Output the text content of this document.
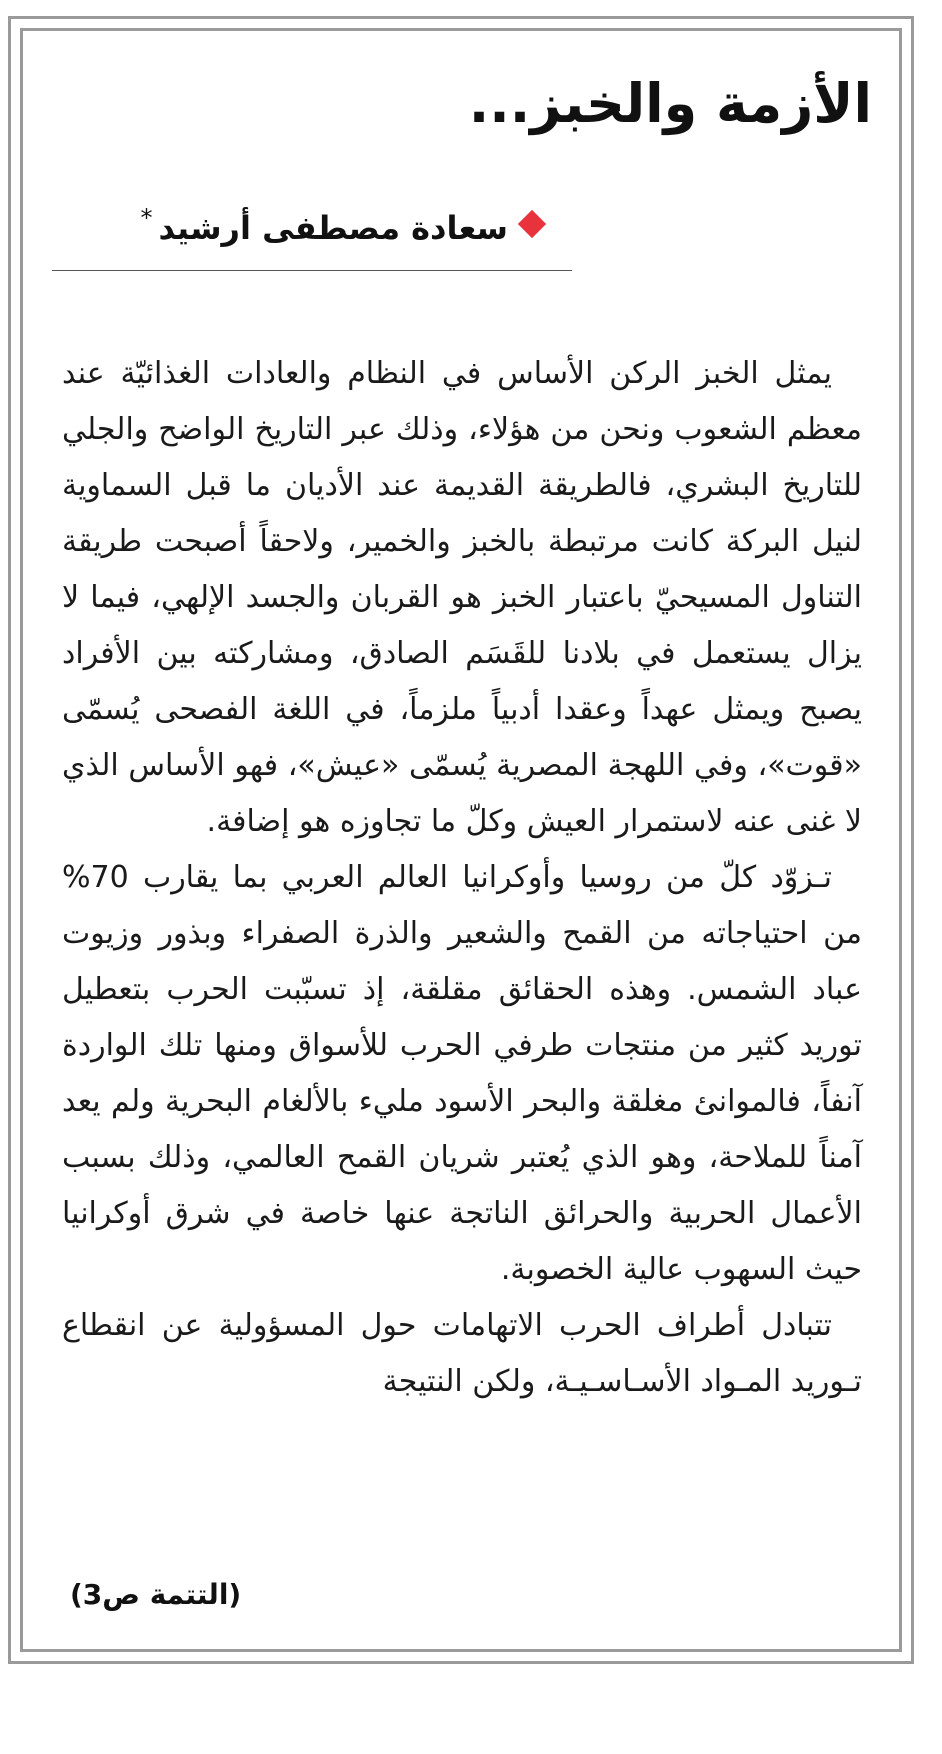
الأزمة والخبز...
سعادة مصطفى أرشيد*

يمثل الخبز الركن الأساس في النظام والعادات الغذائيّة عند معظم الشعوب ونحن من هؤلاء، وذلك عبر التاريخ الواضح والجلي للتاريخ البشري، فالطريقة القديمة عند الأديان ما قبل السماوية لنيل البركة كانت مرتبطة بالخبز والخمير، ولاحقاً أصبحت طريقة التناول المسيحيّ باعتبار الخبز هو القربان والجسد الإلهي، فيما لا يزال يستعمل في بلادنا للقَسَم الصادق، ومشاركته بين الأفراد يصبح ويمثل عهداً وعقدا أدبياً ملزماً، في اللغة الفصحى يُسمّى «قوت»، وفي اللهجة المصرية يُسمّى «عيش»، فهو الأساس الذي لا غنى عنه لاستمرار العيش وكلّ ما تجاوزه هو إضافة.

تـزوّد كلّ من روسيا وأوكرانيا العالم العربي بما يقارب 70% من احتياجاته من القمح والشعير والذرة الصفراء وبذور وزيوت عباد الشمس. وهذه الحقائق مقلقة، إذ تسبّبت الحرب بتعطيل توريد كثير من منتجات طرفي الحرب للأسواق ومنها تلك الواردة آنفاً، فالموانئ مغلقة والبحر الأسود مليء بالألغام البحرية ولم يعد آمناً للملاحة، وهو الذي يُعتبر شريان القمح العالمي، وذلك بسبب الأعمال الحربية والحرائق الناتجة عنها خاصة في شرق أوكرانيا حيث السهوب عالية الخصوبة.

تتبادل أطراف الحرب الاتهامات حول المسؤولية عن انقطاع تـوريد المـواد الأسـاسـيـة، ولكن النتيجة

(التتمة ص3)
